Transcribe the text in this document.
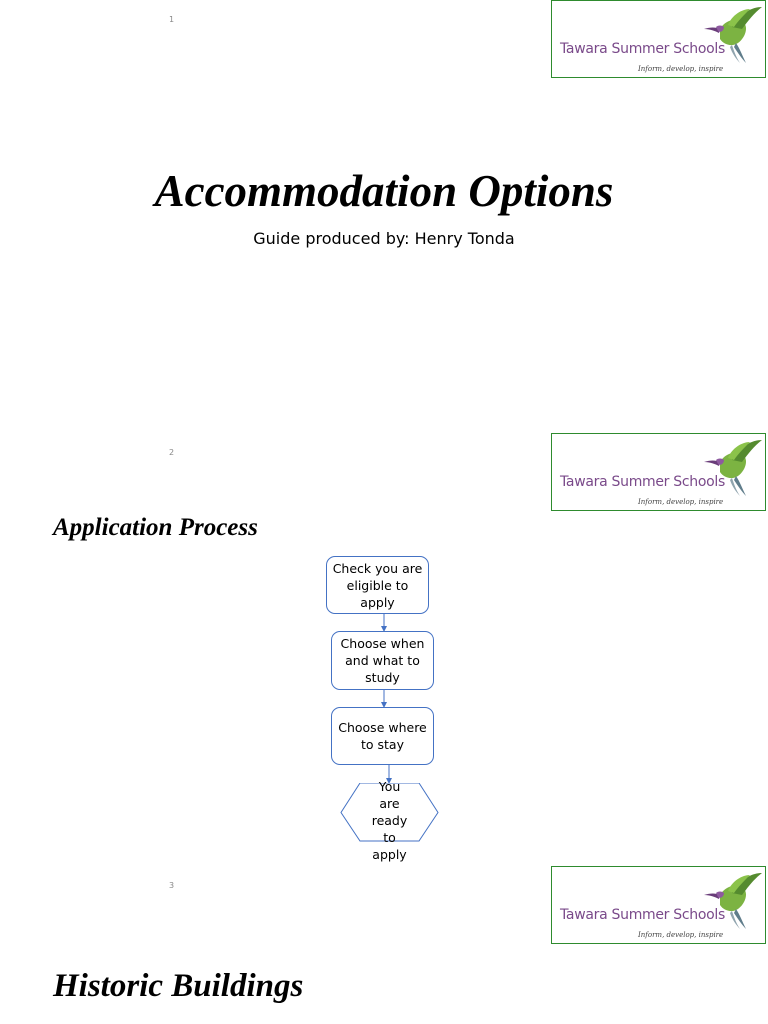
1
Tawara Summer Schools
Inform, develop, inspire
Accommodation Options

Guide produced by: Henry Tonda

2
Tawara Summer Schools
Inform, develop, inspire
Application Process
Check you are eligible to apply
Choose when and what to study
Choose where to stay
You are ready to apply
3
Tawara Summer Schools
Inform, develop, inspire
Historic Buildings
